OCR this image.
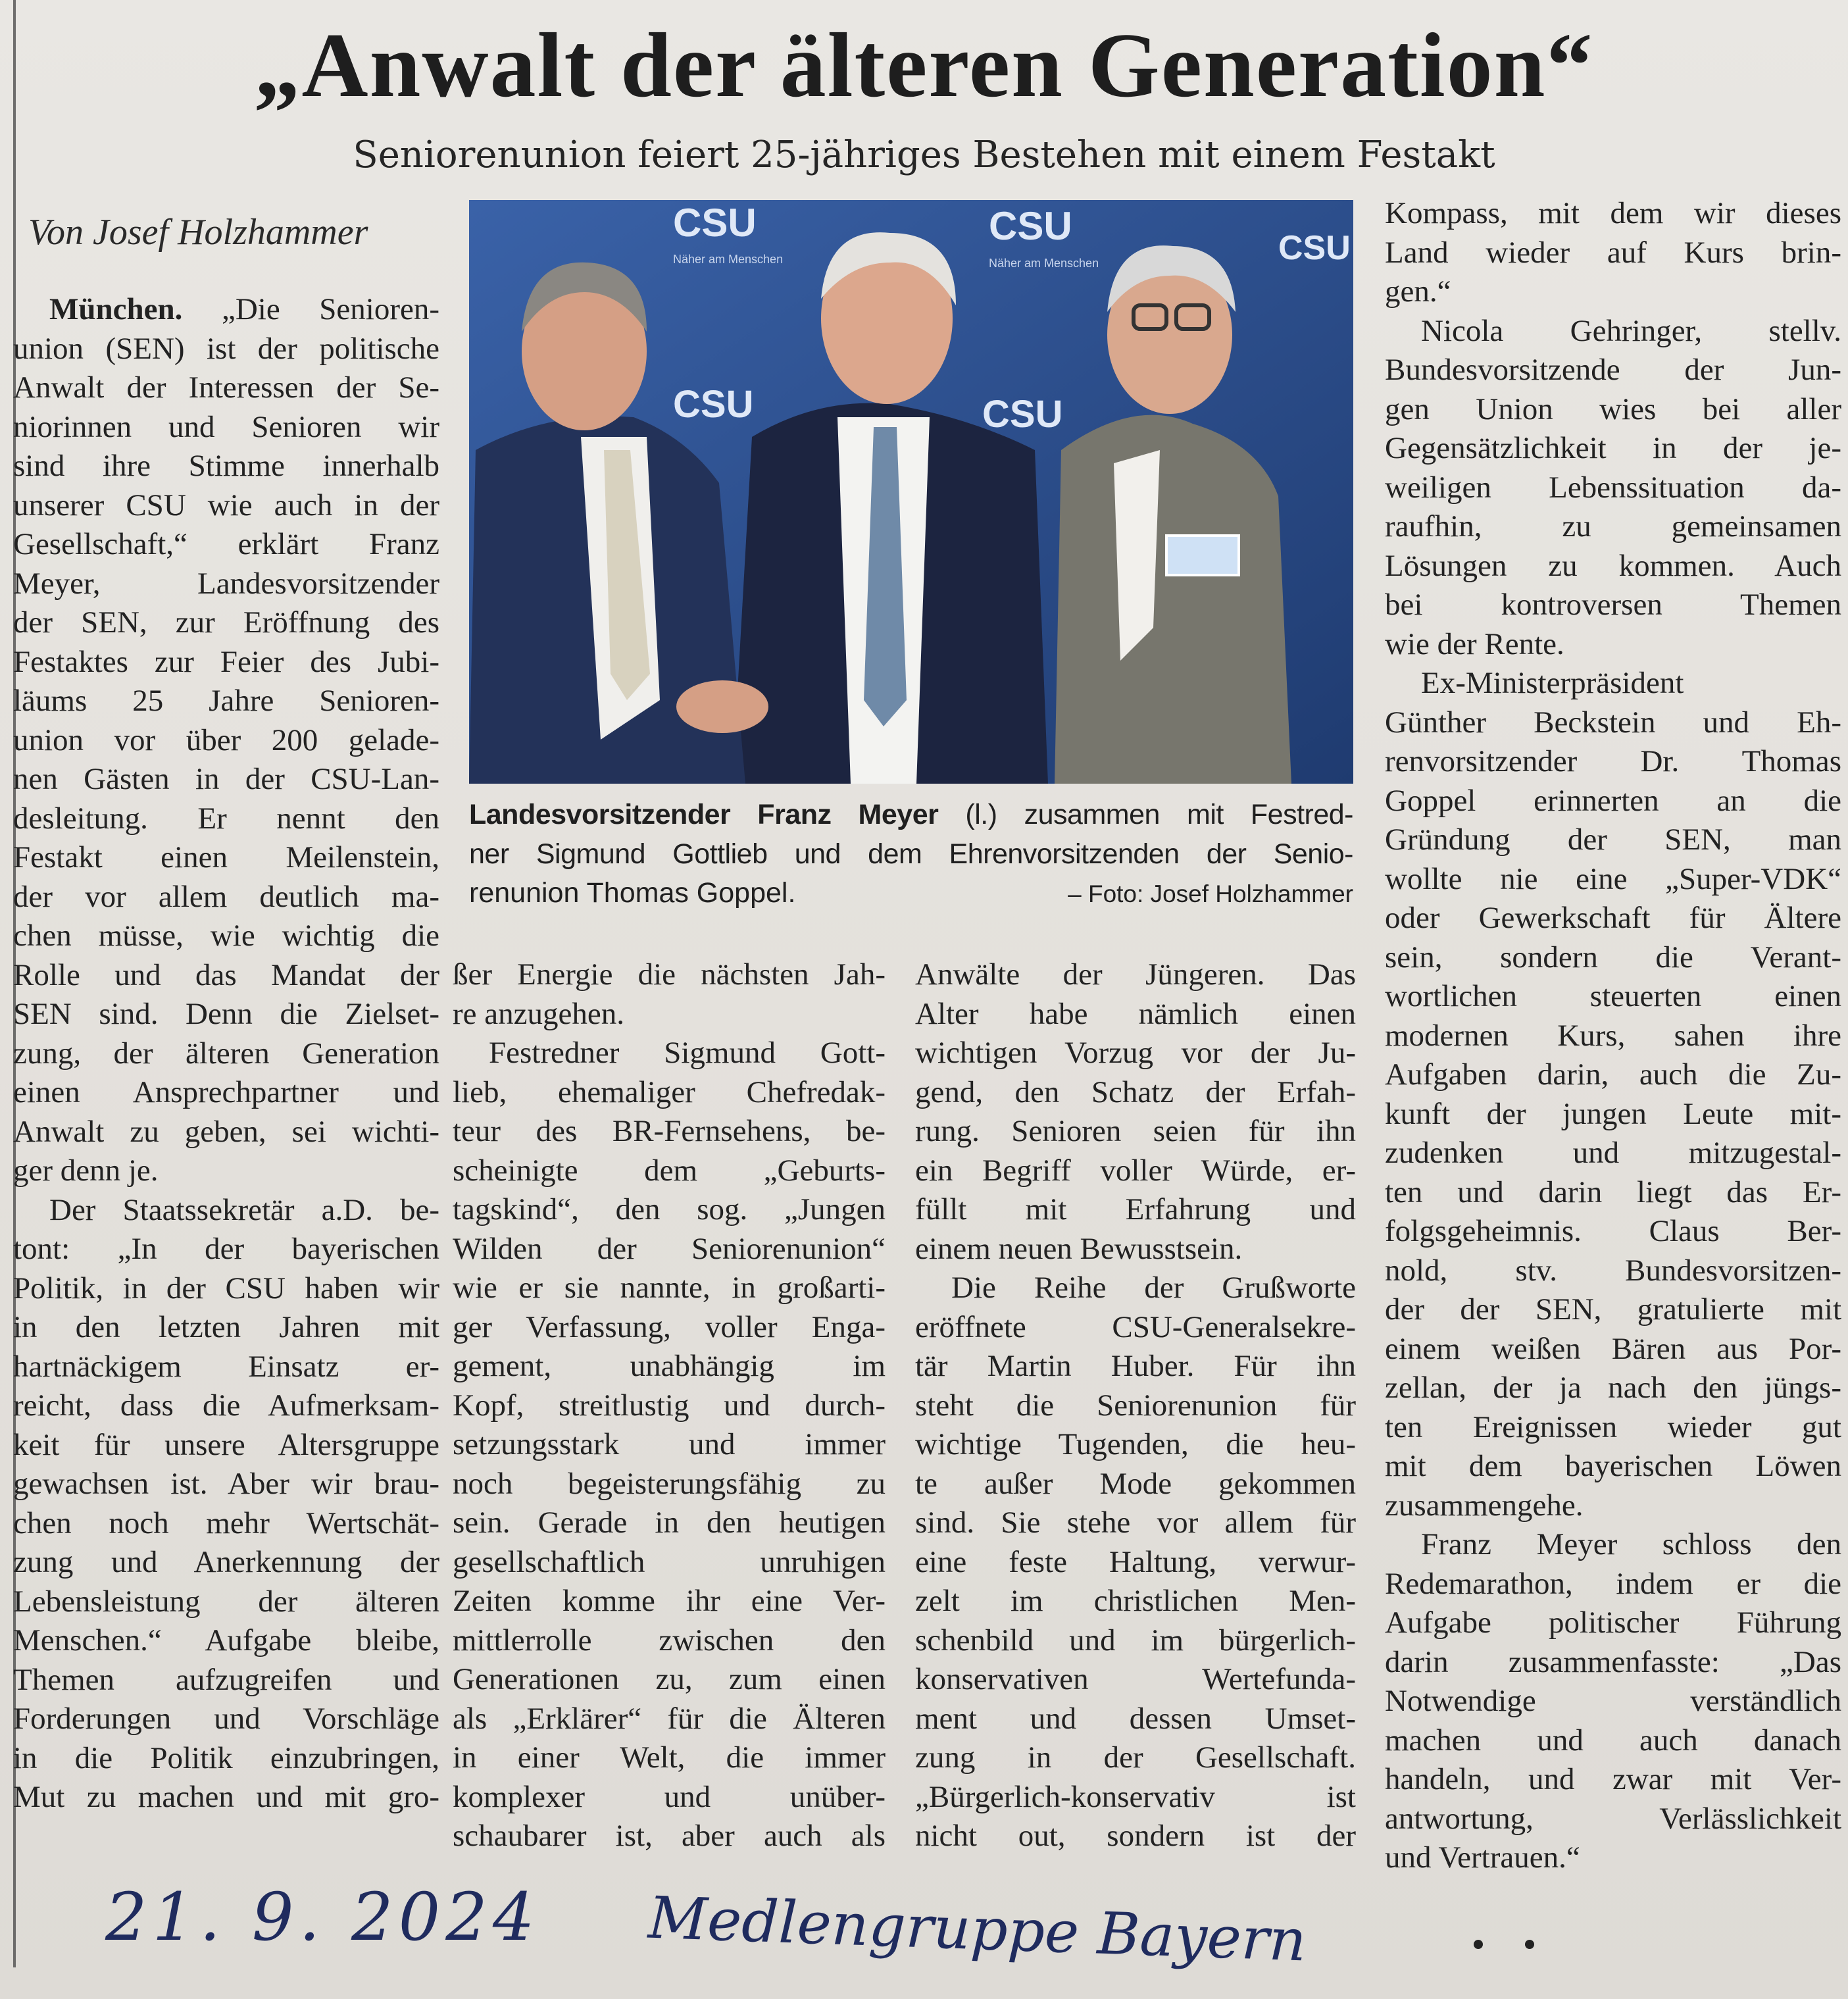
„Anwalt der älteren Generation“
Seniorenunion feiert 25-jähriges Bestehen mit einem Festakt
Von Josef Holzhammer
München. „Die Senioren-
union (SEN) ist der politische
Anwalt der Interessen der Se-
niorinnen und Senioren wir
sind ihre Stimme innerhalb
unserer CSU wie auch in der
Gesellschaft,“ erklärt Franz
Meyer, Landesvorsitzender
der SEN, zur Eröffnung des
Festaktes zur Feier des Jubi-
läums 25 Jahre Senioren-
union vor über 200 gelade-
nen Gästen in der CSU-Lan-
desleitung. Er nennt den
Festakt einen Meilenstein,
der vor allem deutlich ma-
chen müsse, wie wichtig die
Rolle und das Mandat der
SEN sind. Denn die Zielset-
zung, der älteren Generation
einen Ansprechpartner und
Anwalt zu geben, sei wichti-
ger denn je.
Der Staatssekretär a.D. be-
tont: „In der bayerischen
Politik, in der CSU haben wir
in den letzten Jahren mit
hartnäckigem Einsatz er-
reicht, dass die Aufmerksam-
keit für unsere Altersgruppe
gewachsen ist. Aber wir brau-
chen noch mehr Wertschät-
zung und Anerkennung der
Lebensleistung der älteren
Menschen.“ Aufgabe bleibe,
Themen aufzugreifen und
Forderungen und Vorschläge
in die Politik einzubringen,
Mut zu machen und mit gro-
CSU	CSU	CSU
Näher am Menschen	Näher am Menschen
CSU	CSU
Landesvorsitzender Franz Meyer (l.) zusammen mit Festred-
ner Sigmund Gottlieb und dem Ehrenvorsitzenden der Senio-
renunion Thomas Goppel.	– Foto: Josef Holzhammer
ßer Energie die nächsten Jah-
re anzugehen.
Festredner Sigmund Gott-
lieb, ehemaliger Chefredak-
teur des BR-Fernsehens, be-
scheinigte dem „Geburts-
tagskind“, den sog. „Jungen
Wilden der Seniorenunion“
wie er sie nannte, in großarti-
ger Verfassung, voller Enga-
gement, unabhängig im
Kopf, streitlustig und durch-
setzungsstark und immer
noch begeisterungsfähig zu
sein. Gerade in den heutigen
gesellschaftlich unruhigen
Zeiten komme ihr eine Ver-
mittlerrolle zwischen den
Generationen zu, zum einen
als „Erklärer“ für die Älteren
in einer Welt, die immer
komplexer und unüber-
schaubarer ist, aber auch als
Anwälte der Jüngeren. Das
Alter habe nämlich einen
wichtigen Vorzug vor der Ju-
gend, den Schatz der Erfah-
rung. Senioren seien für ihn
ein Begriff voller Würde, er-
füllt mit Erfahrung und
einem neuen Bewusstsein.
Die Reihe der Grußworte
eröffnete CSU-Generalsekre-
tär Martin Huber. Für ihn
steht die Seniorenunion für
wichtige Tugenden, die heu-
te außer Mode gekommen
sind. Sie stehe vor allem für
eine feste Haltung, verwur-
zelt im christlichen Men-
schenbild und im bürgerlich-
konservativen Wertefunda-
ment und dessen Umset-
zung in der Gesellschaft.
„Bürgerlich-konservativ ist
nicht out, sondern ist der
Kompass, mit dem wir dieses
Land wieder auf Kurs brin-
gen.“
Nicola Gehringer, stellv.
Bundesvorsitzende der Jun-
gen Union wies bei aller
Gegensätzlichkeit in der je-
weiligen Lebenssituation da-
raufhin, zu gemeinsamen
Lösungen zu kommen. Auch
bei kontroversen Themen
wie der Rente.
Ex-Ministerpräsident
Günther Beckstein und Eh-
renvorsitzender Dr. Thomas
Goppel erinnerten an die
Gründung der SEN, man
wollte nie eine „Super-VDK“
oder Gewerkschaft für Ältere
sein, sondern die Verant-
wortlichen steuerten einen
modernen Kurs, sahen ihre
Aufgaben darin, auch die Zu-
kunft der jungen Leute mit-
zudenken und mitzugestal-
ten und darin liegt das Er-
folgsgeheimnis. Claus Ber-
nold, stv. Bundesvorsitzen-
der der SEN, gratulierte mit
einem weißen Bären aus Por-
zellan, der ja nach den jüngs-
ten Ereignissen wieder gut
mit dem bayerischen Löwen
zusammengehe.
Franz Meyer schloss den
Redemarathon, indem er die
Aufgabe politischer Führung
darin zusammenfasste: „Das
Notwendige verständlich
machen und auch danach
handeln, und zwar mit Ver-
antwortung, Verlässlichkeit
und Vertrauen.“
21. 9. 2024 Medlengruppe Bayern
